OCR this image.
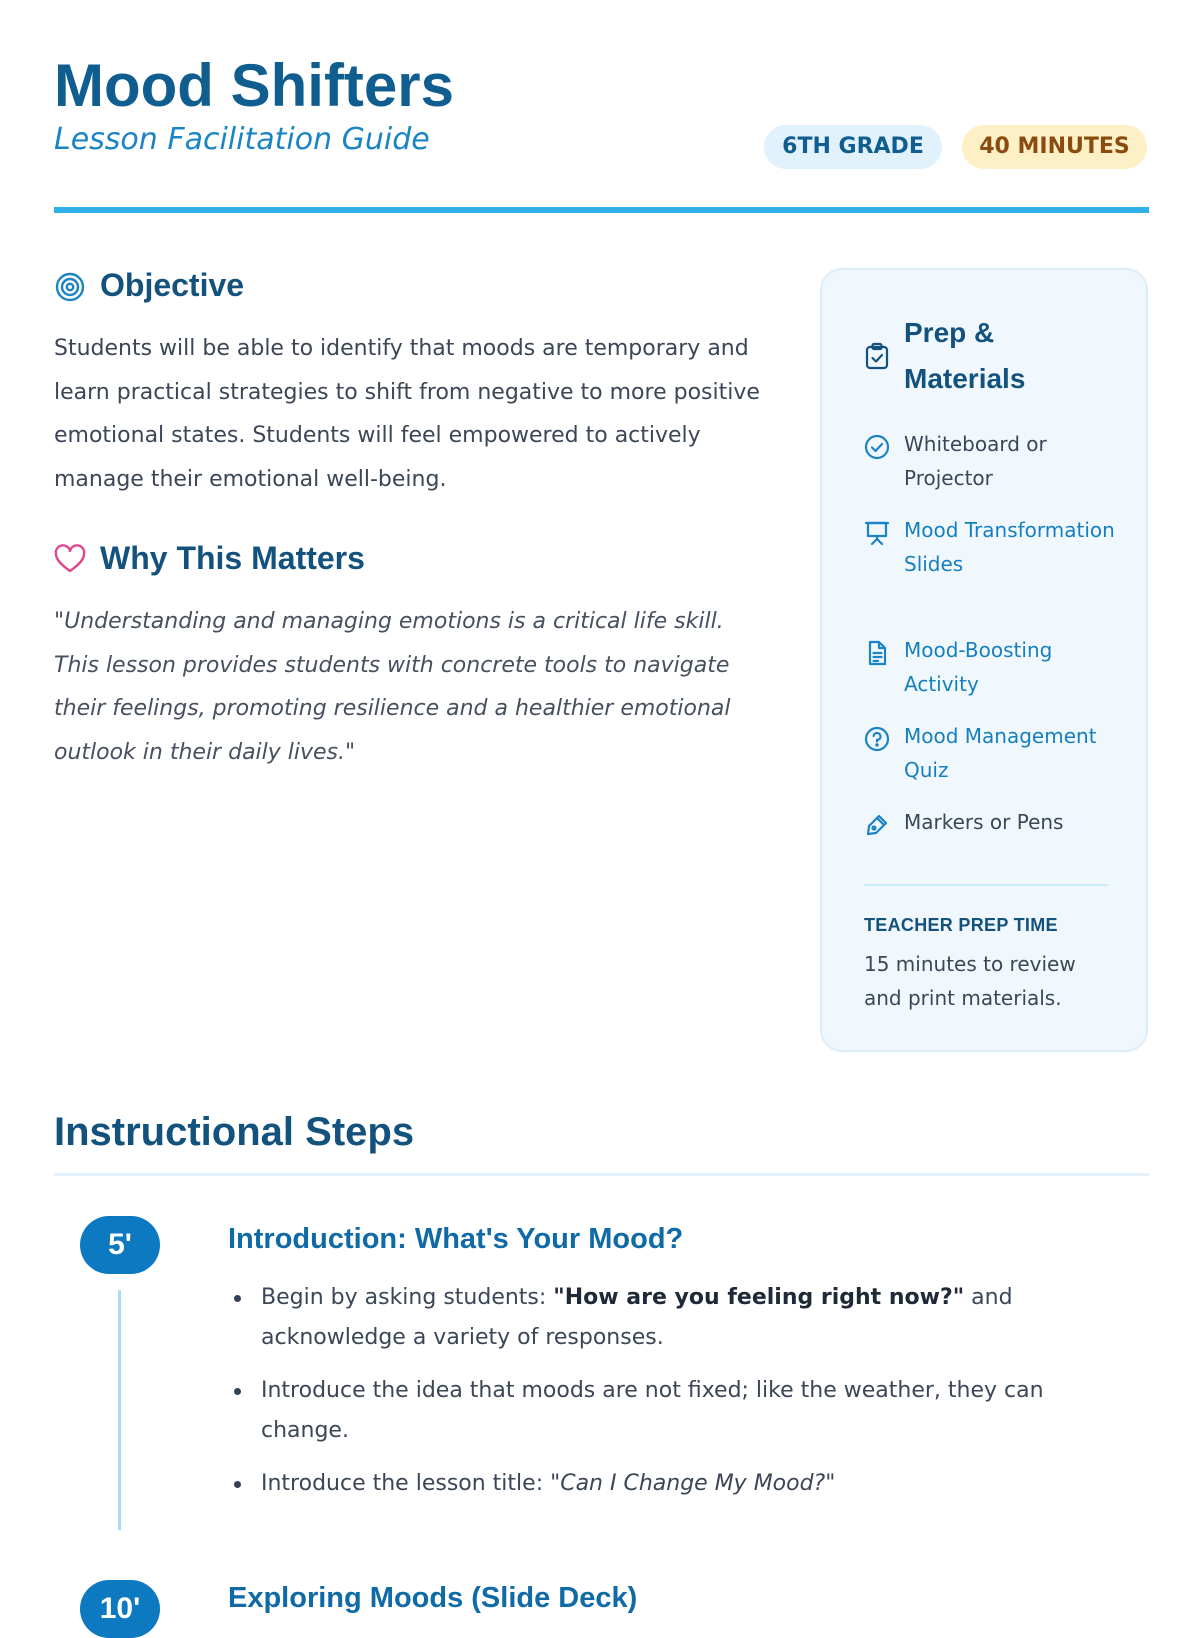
Mood Shifters
Lesson Facilitation Guide	6TH GRADE	40 MINUTES
Objective

Students will be able to identify that moods are temporary and learn practical strategies to shift from negative to more positive emotional states. Students will feel empowered to actively manage their emotional well-being.

Why This Matters

"Understanding and managing emotions is a critical life skill. This lesson provides students with concrete tools to navigate their feelings, promoting resilience and a healthier emotional outlook in their daily lives."

Prep & Materials
Whiteboard or Projector
Mood Transformation Slides
Mood-Boosting Activity
Mood Management Quiz
Markers or Pens
TEACHER PREP TIME

15 minutes to review and print materials.

Instructional Steps
5'	Introduction: What's Your Mood?
Begin by asking students: "How are you feeling right now?" and acknowledge a variety of responses.
Introduce the idea that moods are not fixed; like the weather, they can change.
Introduce the lesson title: "Can I Change My Mood?"
10'	Exploring Moods (Slide Deck)
